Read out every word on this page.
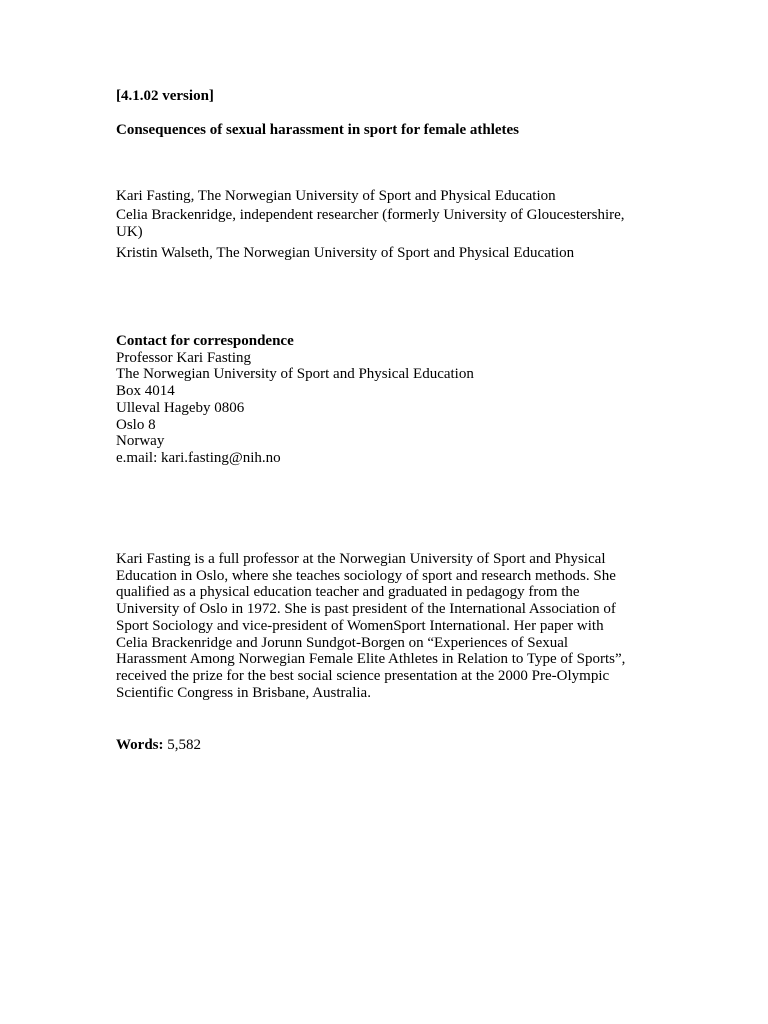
[4.1.02 version]

Consequences of sexual harassment in sport for female athletes

Kari Fasting, The Norwegian University of Sport and Physical Education
Celia Brackenridge, independent researcher (formerly University of Gloucestershire,
UK)
Kristin Walseth, The Norwegian University of Sport and Physical Education
Contact for correspondence
Professor Kari Fasting
The Norwegian University of Sport and Physical Education
Box 4014
Ulleval Hageby 0806
Oslo 8
Norway
e.mail: kari.fasting@nih.no
Kari Fasting is a full professor at the Norwegian University of Sport and Physical
Education in Oslo, where she teaches sociology of sport and research methods. She
qualified as a physical education teacher and graduated in pedagogy from the
University of Oslo in 1972. She is past president of the International Association of
Sport Sociology and vice-president of WomenSport International. Her paper with
Celia Brackenridge and Jorunn Sundgot-Borgen on “Experiences of Sexual
Harassment Among Norwegian Female Elite Athletes in Relation to Type of Sports”,
received the prize for the best social science presentation at the 2000 Pre-Olympic
Scientific Congress in Brisbane, Australia.

Words: 5,582
